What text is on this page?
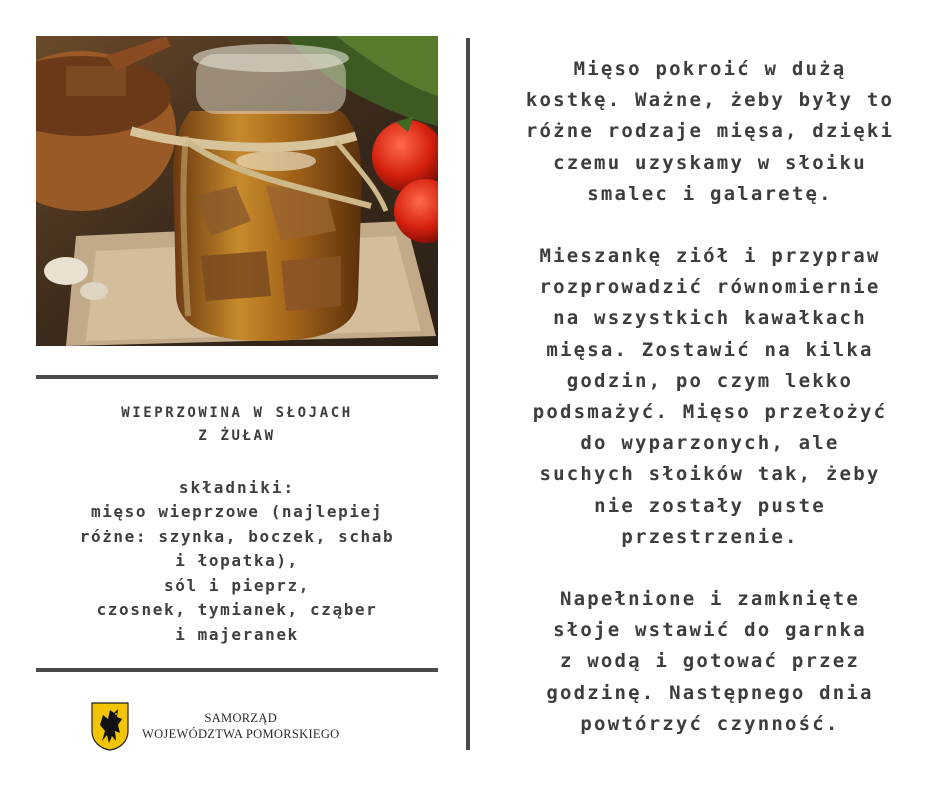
WIEPRZOWINA W SŁOJACH
Z ŻUŁAW
składniki:
mięso wieprzowe (najlepiej
różne: szynka, boczek, schab
i łopatka),
sól i pieprz,
czosnek, tymianek, cząber
i majeranek
SAMORZĄD
WOJEWÓDZTWA POMORSKIEGO

Mięso pokroić w dużą
kostkę. Ważne, żeby były to
różne rodzaje mięsa, dzięki
czemu uzyskamy w słoiku
smalec i galaretę.

Mieszankę ziół i przypraw
rozprowadzić równomiernie
na wszystkich kawałkach
mięsa. Zostawić na kilka
godzin, po czym lekko
podsmażyć. Mięso przełożyć
do wyparzonych, ale
suchych słoików tak, żeby
nie zostały puste
przestrzenie.

Napełnione i zamknięte
słoje wstawić do garnka
z wodą i gotować przez
godzinę. Następnego dnia
powtórzyć czynność.
